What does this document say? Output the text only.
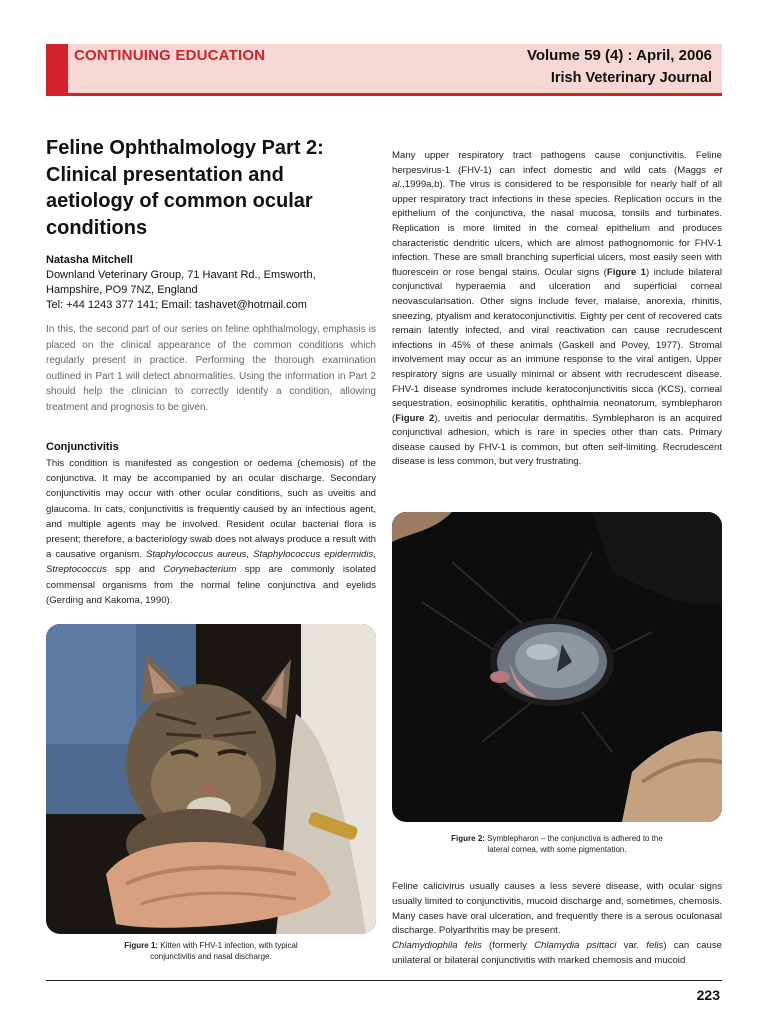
CONTINUING EDUCATION	Volume 59 (4) : April, 2006
Irish Veterinary Journal
Feline Ophthalmology Part 2: Clinical presentation and aetiology of common ocular conditions
Natasha Mitchell
Downland Veterinary Group, 71 Havant Rd., Emsworth,
Hampshire, PO9 7NZ, England
Tel: +44 1243 377 141; Email: tashavet@hotmail.com

In this, the second part of our series on feline ophthalmology, emphasis is placed on the clinical appearance of the common conditions which regularly present in practice. Performing the thorough examination outlined in Part 1 will detect abnormalities. Using the information in Part 2 should help the clinician to correctly identify a condition, allowing treatment and prognosis to be given.

Conjunctivitis

This condition is manifested as congestion or oedema (chemosis) of the conjunctiva. It may be accompanied by an ocular discharge. Secondary conjunctivitis may occur with other ocular conditions, such as uveitis and glaucoma. In cats, conjunctivitis is frequently caused by an infectious agent, and multiple agents may be involved. Resident ocular bacterial flora is present; therefore, a bacteriology swab does not always produce a result with a causative organism. Staphylococcus aureus, Staphylococcus epidermidis, Streptococcus spp and Corynebacterium spp are commonly isolated commensal organisms from the normal feline conjunctiva and eyelids (Gerding and Kakoma, 1990).

Figure 1: Kitten with FHV-1 infection, with typical
conjunctivitis and nasal discharge.

Many upper respiratory tract pathogens cause conjunctivitis. Feline herpesvirus-1 (FHV-1) can infect domestic and wild cats (Maggs et al.,1999a,b). The virus is considered to be responsible for nearly half of all upper respiratory tract infections in these species. Replication occurs in the epithelium of the conjunctiva, the nasal mucosa, tonsils and turbinates. Replication is more limited in the corneal epithelium and produces characteristic dendritic ulcers, which are almost pathognomonic for FHV-1 infection. These are small branching superficial ulcers, most easily seen with fluorescein or rose bengal stains. Ocular signs (Figure 1) include bilateral conjunctival hyperaemia and ulceration and superficial corneal neovascularisation. Other signs include fever, malaise, anorexia, rhinitis, sneezing, ptyalism and keratoconjunctivitis. Eighty per cent of recovered cats remain latently infected, and viral reactivation can cause recrudescent infections in 45% of these animals (Gaskell and Povey, 1977). Stromal involvement may occur as an immune response to the viral antigen. Upper respiratory signs are usually minimal or absent with recrudescent disease. FHV-1 disease syndromes include keratoconjunctivitis sicca (KCS), corneal sequestration, eosinophilic keratitis, ophthalmia neonatorum, symblepharon (Figure 2), uveitis and periocular dermatitis. Symblepharon is an acquired conjunctival adhesion, which is rare in species other than cats. Primary disease caused by FHV-1 is common, but often self-limiting. Recrudescent disease is less common, but very frustrating.

Figure 2: Symblepharon – the conjunctiva is adhered to the
lateral cornea, with some pigmentation.

Feline calicivirus usually causes a less severe disease, with ocular signs usually limited to conjunctivitis, mucoid discharge and, sometimes, chemosis. Many cases have oral ulceration, and frequently there is a serous oculonasal discharge. Polyarthritis may be present.
Chlamydiophila felis (formerly Chlamydia psittaci var. felis) can cause unilateral or bilateral conjunctivitis with marked chemosis and mucoid

223
